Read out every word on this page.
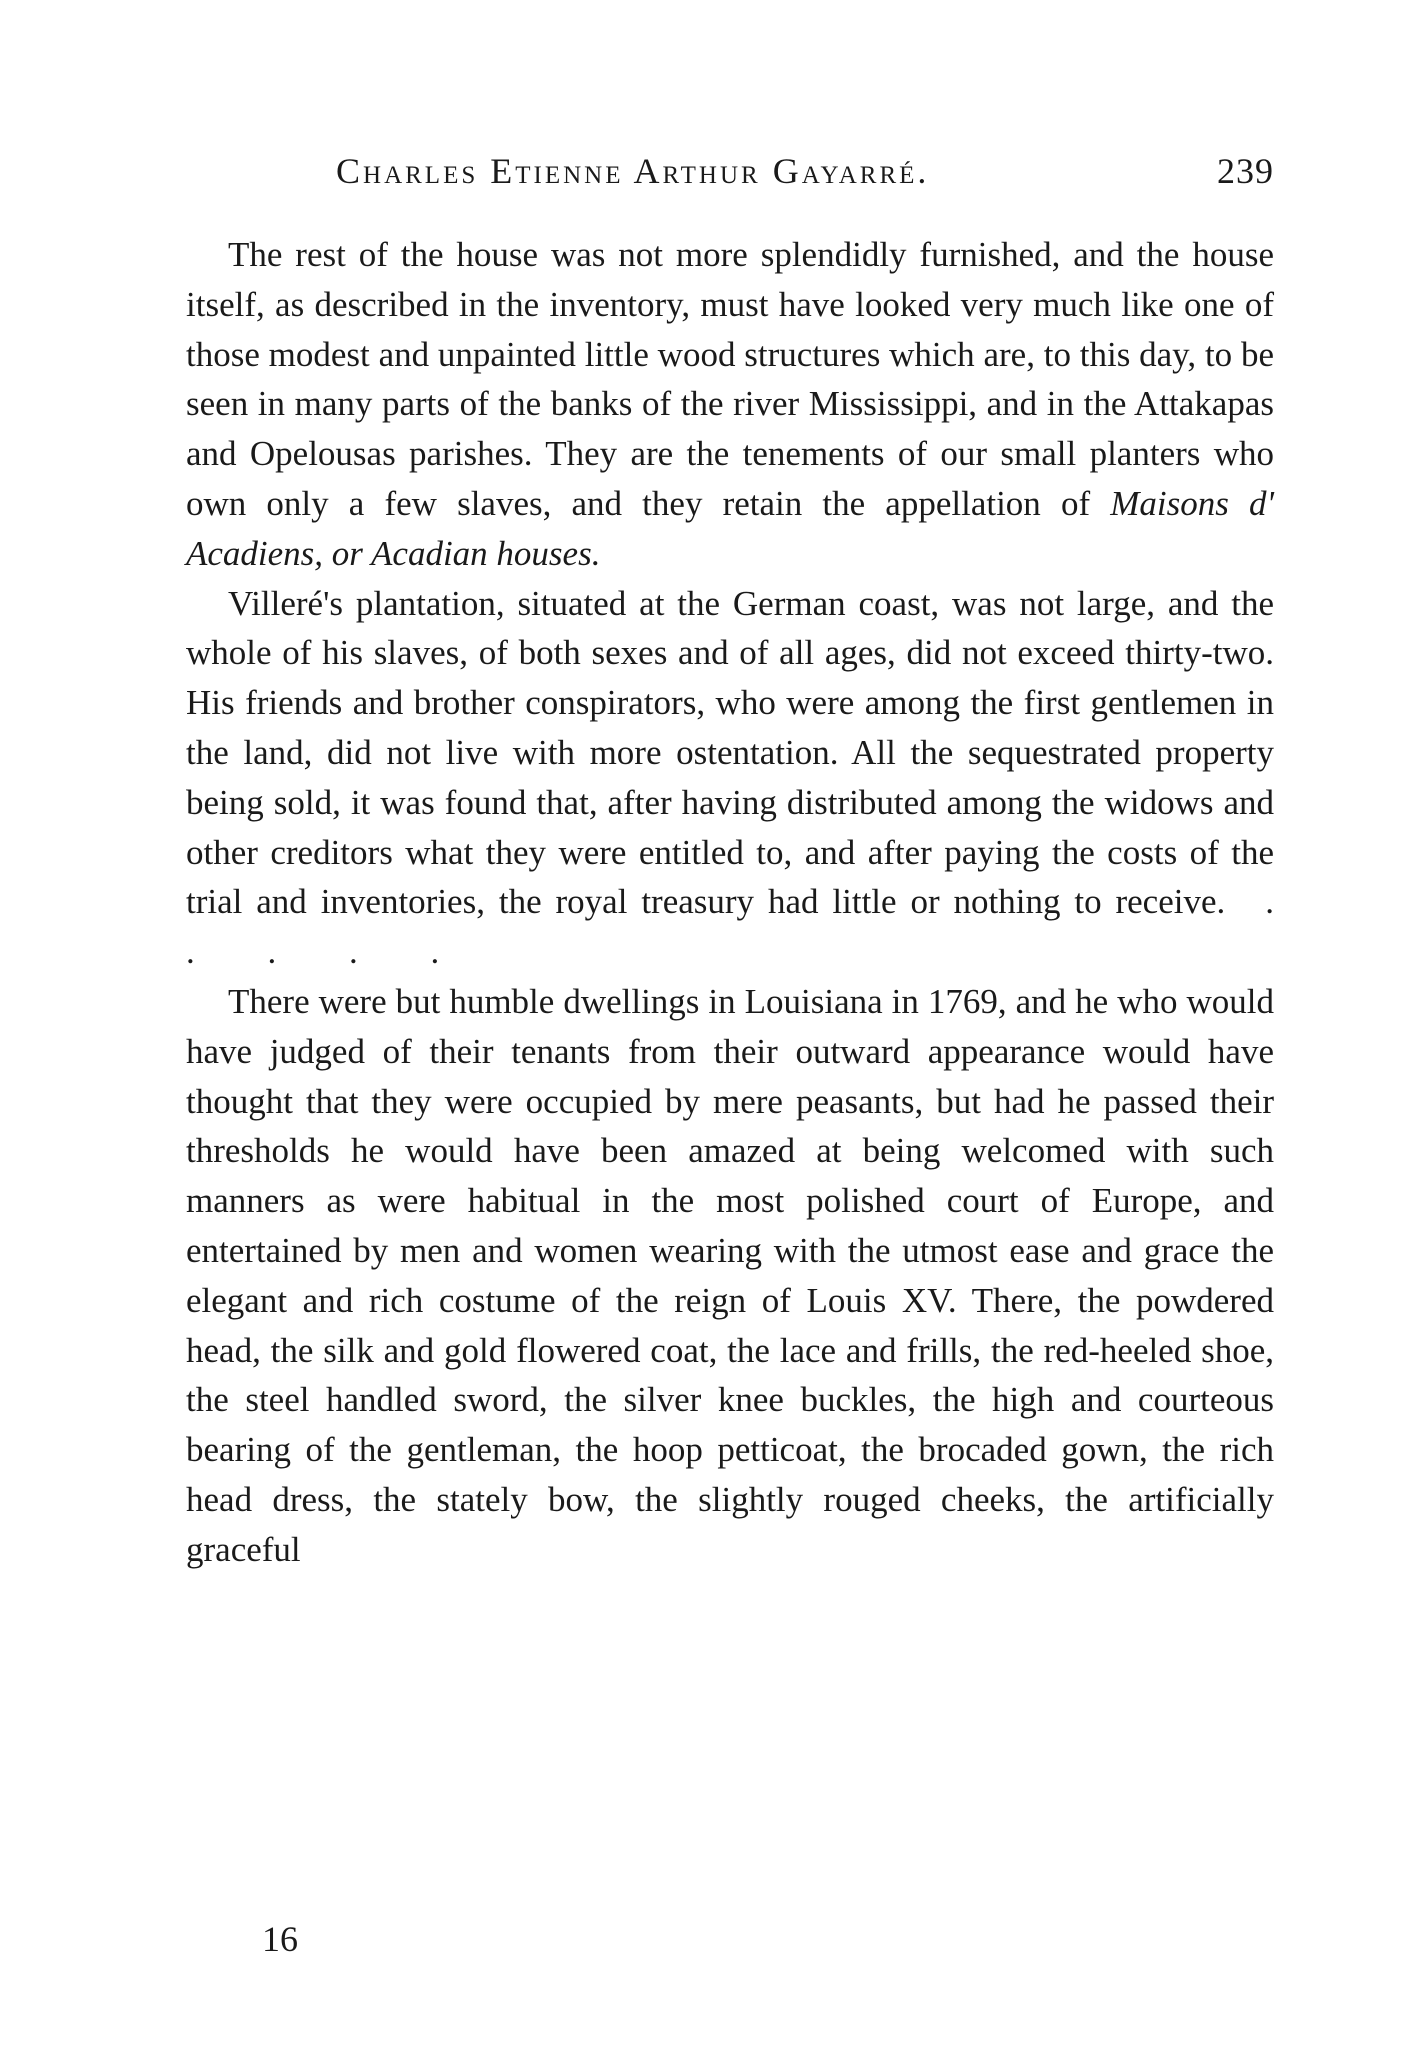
Charles Etienne Arthur Gayarré.	239

The rest of the house was not more splendidly furnished, and the house itself, as described in the inventory, must have looked very much like one of those modest and unpainted little wood structures which are, to this day, to be seen in many parts of the banks of the river Mississippi, and in the Attakapas and Opelousas parishes. They are the tenements of our small planters who own only a few slaves, and they retain the appellation of Maisons d' Acadiens, or Acadian houses.

Villeré's plantation, situated at the German coast, was not large, and the whole of his slaves, of both sexes and of all ages, did not exceed thirty-two. His friends and brother conspirators, who were among the first gentlemen in the land, did not live with more ostentation. All the sequestrated property being sold, it was found that, after having distributed among the widows and other creditors what they were entitled to, and after paying the costs of the trial and inventories, the royal treasury had little or nothing to receive. . . . . .

There were but humble dwellings in Louisiana in 1769, and he who would have judged of their tenants from their outward appearance would have thought that they were occupied by mere peasants, but had he passed their thresholds he would have been amazed at being welcomed with such manners as were habitual in the most polished court of Europe, and entertained by men and women wearing with the utmost ease and grace the elegant and rich costume of the reign of Louis XV. There, the powdered head, the silk and gold flowered coat, the lace and frills, the red-heeled shoe, the steel handled sword, the silver knee buckles, the high and courteous bearing of the gentleman, the hoop petticoat, the brocaded gown, the rich head dress, the stately bow, the slightly rouged cheeks, the artificially graceful

16
